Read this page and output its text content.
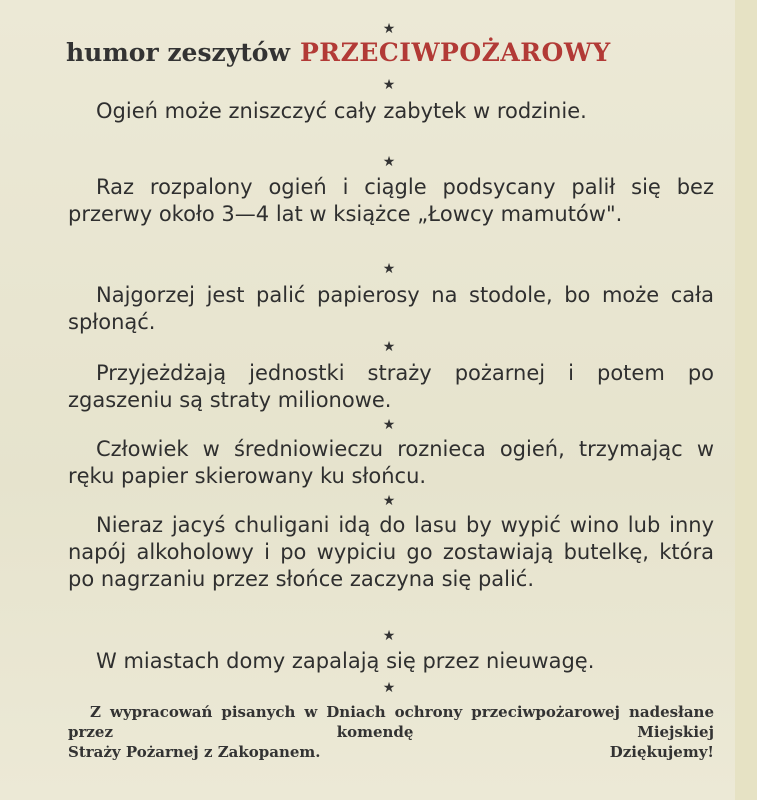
★
humor zeszytów PRZECIWPOŻAROWY
★

Ogień może zniszczyć cały zabytek w rodzinie.

★

Raz rozpalony ogień i ciągle podsycany palił się bez przerwy około 3—4 lat w książce „Łowcy mamutów".

★

Najgorzej jest palić papierosy na stodole, bo może cała spłonąć.

★

Przyjeżdżają jednostki straży pożarnej i potem po zgaszeniu są straty milionowe.

★

Człowiek w średniowieczu roznieca ogień, trzymając w ręku papier skierowany ku słońcu.

★

Nieraz jacyś chuligani idą do lasu by wypić wino lub inny napój alkoholowy i po wypiciu go zostawiają butelkę, która po nagrzaniu przez słońce zaczyna się palić.

★

W miastach domy zapalają się przez nieuwagę.

★
Z wypracowań pisanych w Dniach ochrony przeciwpożarowej nadesłane przez komendę Miejskiej
Straży Pożarnej z Zakopanem.	Dziękujemy!
